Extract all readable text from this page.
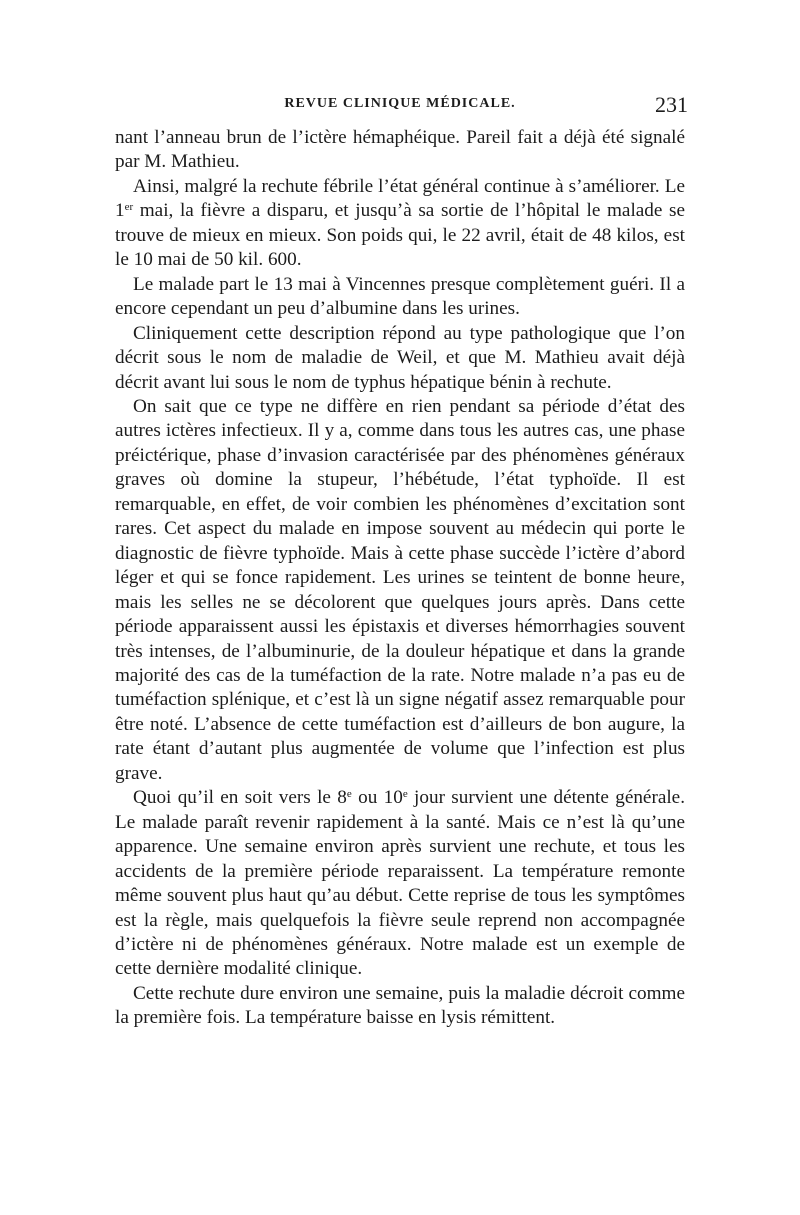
REVUE CLINIQUE MÉDICALE.	231

nant l’anneau brun de l’ictère hémaphéique. Pareil fait a déjà été signalé par M. Mathieu.

Ainsi, malgré la rechute fébrile l’état général continue à s’améliorer. Le 1er mai, la fièvre a disparu, et jusqu’à sa sortie de l’hôpital le malade se trouve de mieux en mieux. Son poids qui, le 22 avril, était de 48 kilos, est le 10 mai de 50 kil. 600.

Le malade part le 13 mai à Vincennes presque complètement guéri. Il a encore cependant un peu d’albumine dans les urines.

Cliniquement cette description répond au type pathologique que l’on décrit sous le nom de maladie de Weil, et que M. Mathieu avait déjà décrit avant lui sous le nom de typhus hépatique bénin à rechute.

On sait que ce type ne diffère en rien pendant sa période d’état des autres ictères infectieux. Il y a, comme dans tous les autres cas, une phase préictérique, phase d’invasion caractérisée par des phénomènes généraux graves où domine la stupeur, l’hébétude, l’état typhoïde. Il est remarquable, en effet, de voir combien les phénomènes d’excitation sont rares. Cet aspect du malade en impose souvent au médecin qui porte le diagnostic de fièvre typhoïde. Mais à cette phase succède l’ictère d’abord léger et qui se fonce rapidement. Les urines se teintent de bonne heure, mais les selles ne se décolorent que quelques jours après. Dans cette période apparaissent aussi les épistaxis et diverses hémorrhagies souvent très intenses, de l’albuminurie, de la douleur hépatique et dans la grande majorité des cas de la tuméfaction de la rate. Notre malade n’a pas eu de tuméfaction splénique, et c’est là un signe négatif assez remarquable pour être noté. L’absence de cette tuméfaction est d’ailleurs de bon augure, la rate étant d’autant plus augmentée de volume que l’infection est plus grave.

Quoi qu’il en soit vers le 8e ou 10e jour survient une détente générale. Le malade paraît revenir rapidement à la santé. Mais ce n’est là qu’une apparence. Une semaine environ après survient une rechute, et tous les accidents de la première période reparaissent. La température remonte même souvent plus haut qu’au début. Cette reprise de tous les symptômes est la règle, mais quelquefois la fièvre seule reprend non accompagnée d’ictère ni de phénomènes généraux. Notre malade est un exemple de cette dernière modalité clinique.

Cette rechute dure environ une semaine, puis la maladie décroit comme la première fois. La température baisse en lysis rémittent.
